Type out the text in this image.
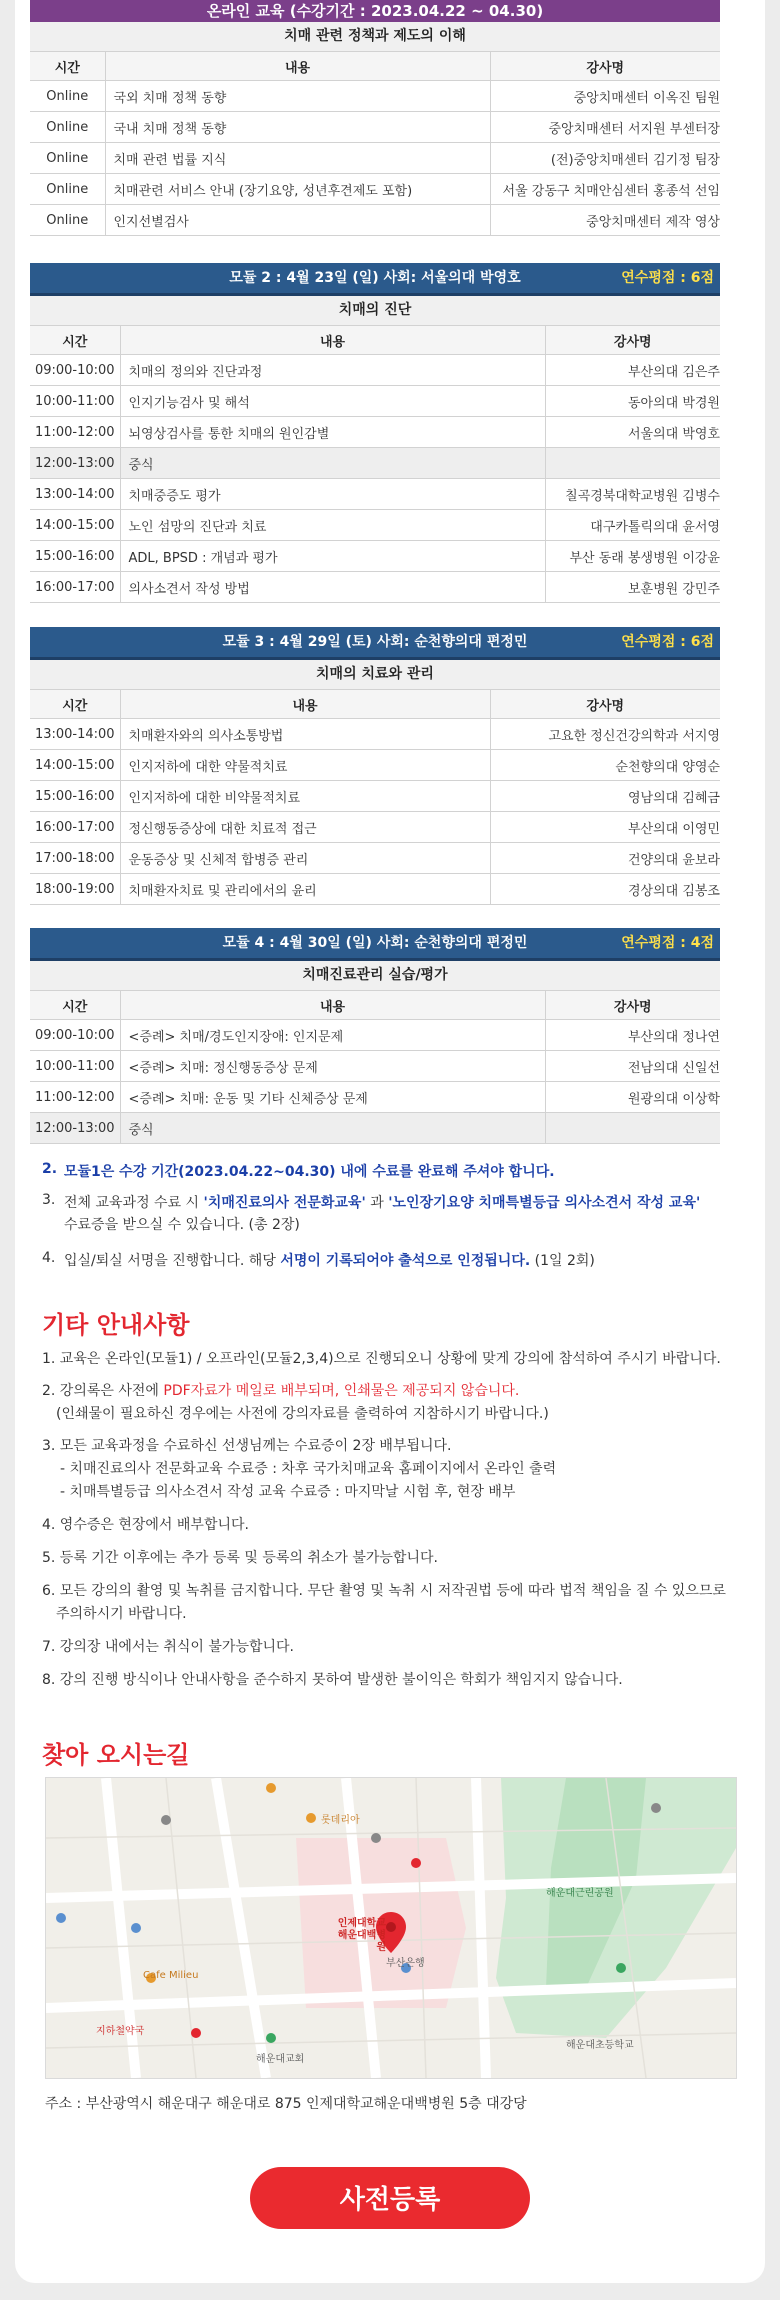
온라인 교육 (수강기간 : 2023.04.22 ~ 04.30)
치매 관련 정책과 제도의 이해
시간	내용	강사명
Online	국외 치매 정책 동향	중앙치매센터 이옥진 팀원
Online	국내 치매 정책 동향	중앙치매센터 서지원 부센터장
Online	치매 관련 법률 지식	(전)중앙치매센터 김기정 팀장
Online	치매관련 서비스 안내 (장기요양, 성년후견제도 포함)	서울 강동구 치매안심센터 홍종석 선임
Online	인지선별검사	중앙치매센터 제작 영상
모듈 2 : 4월 23일 (일) 사회: 서울의대 박영호	연수평점 : 6점
치매의 진단
시간	내용	강사명
09:00-10:00	치매의 정의와 진단과정	부산의대 김은주
10:00-11:00	인지기능검사 및 해석	동아의대 박경원
11:00-12:00	뇌영상검사를 통한 치매의 원인감별	서울의대 박영호
12:00-13:00	중식	
13:00-14:00	치매중증도 평가	칠곡경북대학교병원 김병수
14:00-15:00	노인 섬망의 진단과 치료	대구카톨릭의대 윤서영
15:00-16:00	ADL, BPSD : 개념과 평가	부산 동래 봉생병원 이강윤
16:00-17:00	의사소견서 작성 방법	보훈병원 강민주
모듈 3 : 4월 29일 (토) 사회: 순천향의대 편정민	연수평점 : 6점
치매의 치료와 관리
시간	내용	강사명
13:00-14:00	치매환자와의 의사소통방법	고요한 정신건강의학과 서지영
14:00-15:00	인지저하에 대한 약물적치료	순천향의대 양영순
15:00-16:00	인지저하에 대한 비약물적치료	영남의대 김혜금
16:00-17:00	정신행동증상에 대한 치료적 접근	부산의대 이영민
17:00-18:00	운동증상 및 신체적 합병증 관리	건양의대 윤보라
18:00-19:00	치매환자치료 및 관리에서의 윤리	경상의대 김봉조
모듈 4 : 4월 30일 (일) 사회: 순천향의대 편정민	연수평점 : 4점
치매진료관리 실습/평가
시간	내용	강사명
09:00-10:00	<증례> 치매/경도인지장애: 인지문제	부산의대 정나연
10:00-11:00	<증례> 치매: 정신행동증상 문제	전남의대 신일선
11:00-12:00	<증례> 치매: 운동 및 기타 신체증상 문제	원광의대 이상학
12:00-13:00	중식	
2. 모듈1은 수강 기간(2023.04.22~04.30) 내에 수료를 완료해 주셔야 합니다.
3. 전체 교육과정 수료 시 '치매진료의사 전문화교육' 과 '노인장기요양 치매특별등급 의사소견서 작성 교육'
수료증을 받으실 수 있습니다. (총 2장)
4. 입실/퇴실 서명을 진행합니다. 해당 서명이 기록되어야 출석으로 인정됩니다. (1일 2회)
기타 안내사항
1. 교육은 온라인(모듈1) / 오프라인(모듈2,3,4)으로 진행되오니 상황에 맞게 강의에 참석하여 주시기 바랍니다.
2. 강의록은 사전에 PDF자료가 메일로 배부되며, 인쇄물은 제공되지 않습니다.
(인쇄물이 필요하신 경우에는 사전에 강의자료를 출력하여 지참하시기 바랍니다.)
3. 모든 교육과정을 수료하신 선생님께는 수료증이 2장 배부됩니다.
- 치매진료의사 전문화교육 수료증 : 차후 국가치매교육 홈페이지에서 온라인 출력
- 치매특별등급 의사소견서 작성 교육 수료증 : 마지막날 시험 후, 현장 배부
4. 영수증은 현장에서 배부합니다.
5. 등록 기간 이후에는 추가 등록 및 등록의 취소가 불가능합니다.
6. 모든 강의의 촬영 및 녹취를 금지합니다. 무단 촬영 및 녹취 시 저작권법 등에 따라 법적 책임을 질 수 있으므로
주의하시기 바랍니다.
7. 강의장 내에서는 취식이 불가능합니다.
8. 강의 진행 방식이나 안내사항을 준수하지 못하여 발생한 불이익은 학회가 책임지지 않습니다.
찾아 오시는길
인제대학교 해운대백병원
Cafe Milieu
해운대근린공원
해운대초등학교
롯데리아
지하철약국
해운대교회
부산은행
주소 : 부산광역시 해운대구 해운대로 875 인제대학교해운대백병원 5층 대강당
사전등록
